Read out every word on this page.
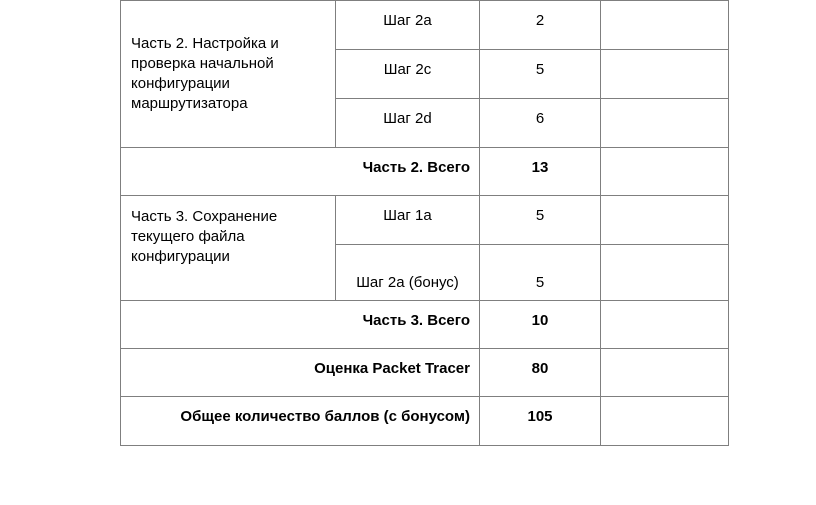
Часть 2. Настройка и
проверка начальной
конфигурации
маршрутизатора	Шаг 2a	2	
	Шаг 2c	5	
	Шаг 2d	6	
Часть 2. Всего		13	
Часть 3. Сохранение
текущего файла
конфигурации	Шаг 1a	5	
	Шаг 2a (бонус)	5	
Часть 3. Всего		10	
Оценка Packet Tracer		80	
Общее количество баллов (с бонусом)		105	
